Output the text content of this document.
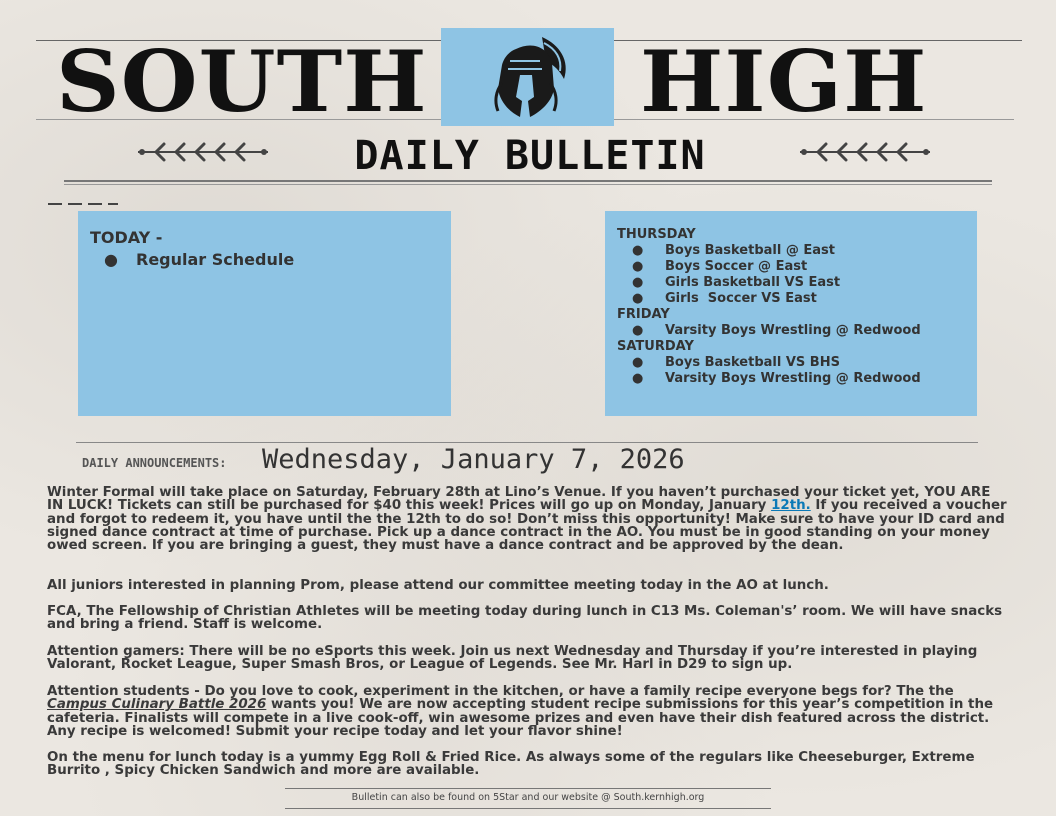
SOUTH	HIGH
DAILY BULLETIN
TODAY -
● Regular Schedule
THURSDAY
● Boys Basketball @ East
● Boys Soccer @ East
● Girls Basketball VS East
● Girls  Soccer VS East
FRIDAY
● Varsity Boys Wrestling @ Redwood
SATURDAY
● Boys Basketball VS BHS
● Varsity Boys Wrestling @ Redwood
DAILY ANNOUNCEMENTS: Wednesday, January 7, 2026
Winter Formal will take place on Saturday, February 28th at Lino’s Venue. If you haven’t purchased your ticket yet, YOU ARE IN LUCK! Tickets can still be purchased for $40 this week! Prices will go up on Monday, January 12th. If you received a voucher and forgot to redeem it, you have until the the 12th to do so! Don’t miss this opportunity! Make sure to have your ID card and signed dance contract at time of purchase. Pick up a dance contract in the AO. You must be in good standing on your money owed screen. If you are bringing a guest, they must have a dance contract and be approved by the dean.
All juniors interested in planning Prom, please attend our committee meeting today in the AO at lunch.
FCA, The Fellowship of Christian Athletes will be meeting today during lunch in C13 Ms. Coleman's’ room. We will have snacks and bring a friend. Staff is welcome.
Attention gamers: There will be no eSports this week. Join us next Wednesday and Thursday if you’re interested in playing Valorant, Rocket League, Super Smash Bros, or League of Legends. See Mr. Harl in D29 to sign up.
Attention students - Do you love to cook, experiment in the kitchen, or have a family recipe everyone begs for? The the Campus Culinary Battle 2026 wants you! We are now accepting student recipe submissions for this year’s competition in the cafeteria. Finalists will compete in a live cook-off, win awesome prizes and even have their dish featured across the district. Any recipe is welcomed! Submit your recipe today and let your flavor shine!
On the menu for lunch today is a yummy Egg Roll & Fried Rice. As always some of the regulars like Cheeseburger, Extreme Burrito , Spicy Chicken Sandwich and more are available.
Bulletin can also be found on 5Star and our website @ South.kernhigh.org
